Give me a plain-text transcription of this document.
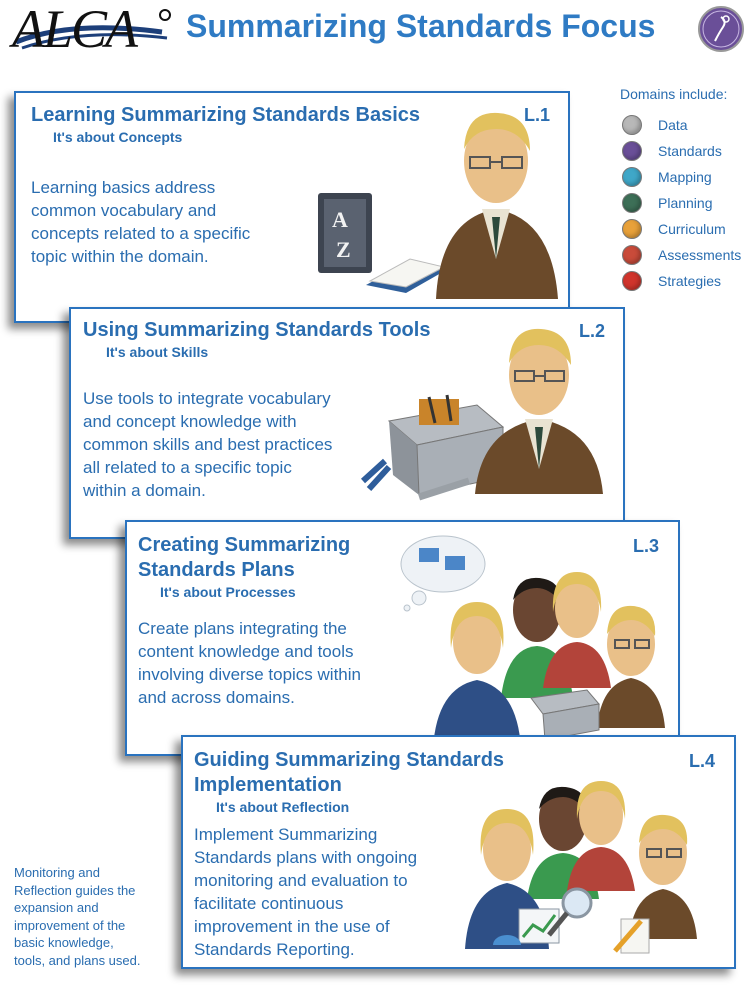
ALCA Summarizing Standards Focus
Domains include:
Data
Standards
Mapping
Planning
Curriculum
Assessments
Strategies
Learning Summarizing Standards Basics
It's about Concepts
L.1
Learning basics address
common vocabulary and
concepts related to a specific
topic within the domain.
A
Z
Using Summarizing Standards Tools
It's about Skills
L.2
Use tools to integrate vocabulary
and concept knowledge with
common skills and best practices
all related to a specific topic
within a domain.
Creating Summarizing
Standards Plans
It's about Processes
L.3
Create plans integrating the
content knowledge and tools
involving diverse topics within
and across domains.
Guiding Summarizing Standards
Implementation
It's about Reflection
L.4
Implement Summarizing
Standards plans with ongoing
monitoring and evaluation to
facilitate continuous
improvement in the use of
Standards Reporting.
Monitoring and
Reflection guides the
expansion and
improvement of the
basic knowledge,
tools, and plans used.
